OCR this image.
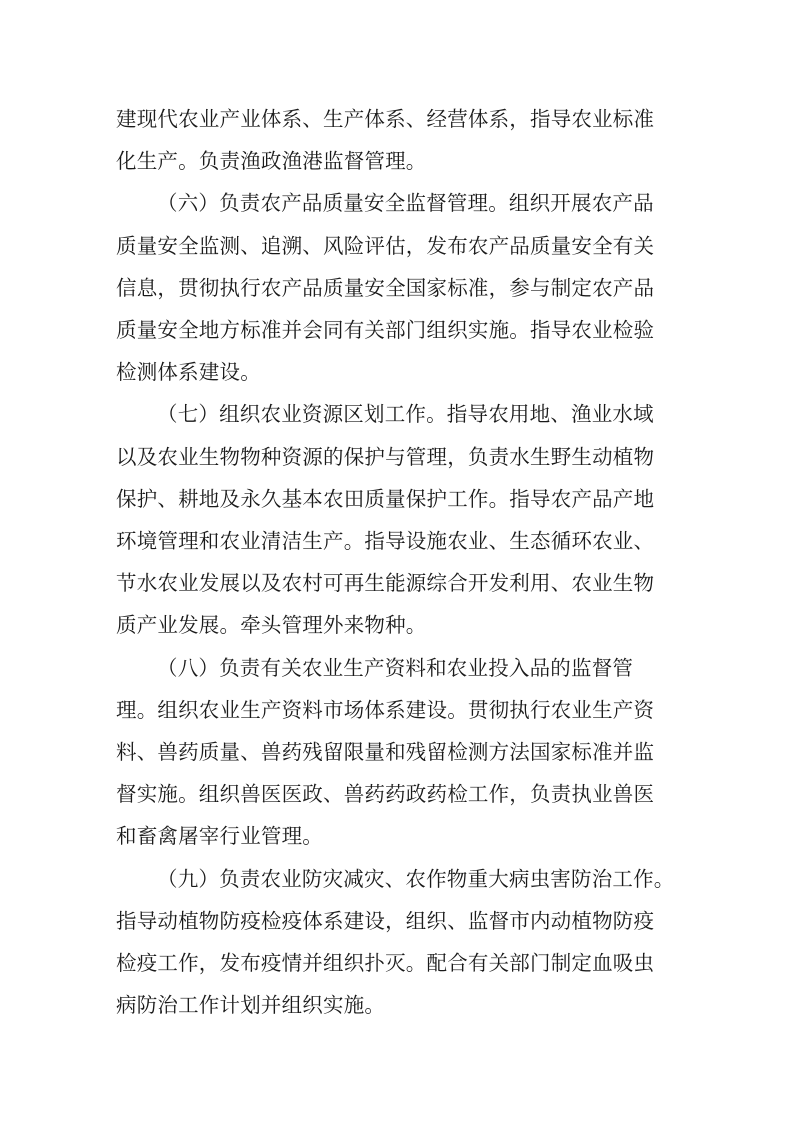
建现代农业产业体系、生产体系、经营体系，指导农业标准
化生产。负责渔政渔港监督管理。

（六）负责农产品质量安全监督管理。组织开展农产品
质量安全监测、追溯、风险评估，发布农产品质量安全有关
信息，贯彻执行农产品质量安全国家标准，参与制定农产品
质量安全地方标准并会同有关部门组织实施。指导农业检验
检测体系建设。

（七）组织农业资源区划工作。指导农用地、渔业水域
以及农业生物物种资源的保护与管理，负责水生野生动植物
保护、耕地及永久基本农田质量保护工作。指导农产品产地
环境管理和农业清洁生产。指导设施农业、生态循环农业、
节水农业发展以及农村可再生能源综合开发利用、农业生物
质产业发展。牵头管理外来物种。

（八）负责有关农业生产资料和农业投入品的监督管
理。组织农业生产资料市场体系建设。贯彻执行农业生产资
料、兽药质量、兽药残留限量和残留检测方法国家标准并监
督实施。组织兽医医政、兽药药政药检工作，负责执业兽医
和畜禽屠宰行业管理。

（九）负责农业防灾减灾、农作物重大病虫害防治工作。
指导动植物防疫检疫体系建设，组织、监督市内动植物防疫
检疫工作，发布疫情并组织扑灭。配合有关部门制定血吸虫
病防治工作计划并组织实施。
